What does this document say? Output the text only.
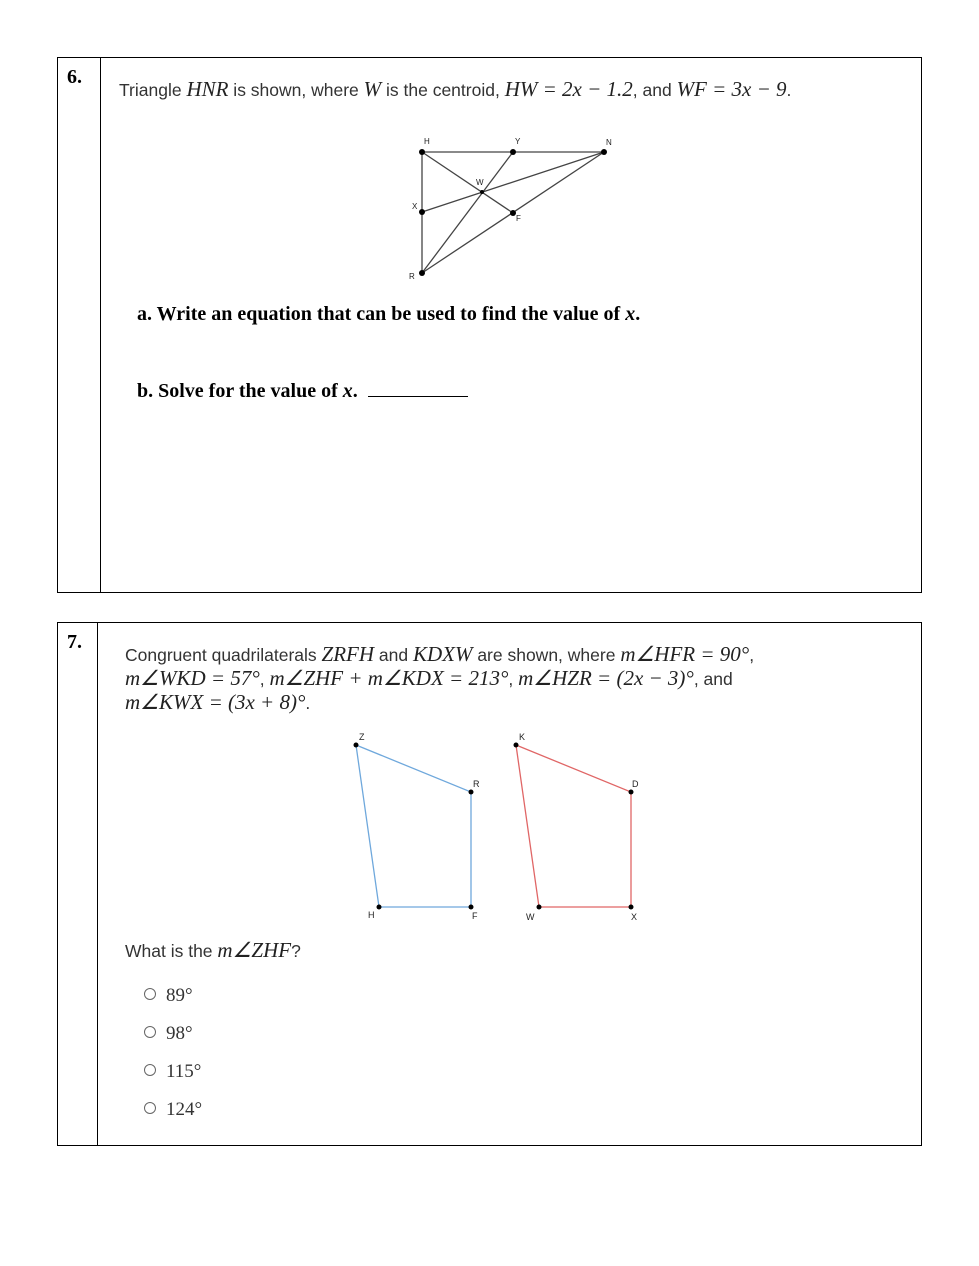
6.
Triangle HNR is shown, where W is the centroid, HW = 2x − 1.2, and WF = 3x − 9.
H	Y	N
W
X
F
R
a. Write an equation that can be used to find the value of x.
b. Solve for the value of x.
7.
Congruent quadrilaterals ZRFH and KDXW are shown, where m∠HFR = 90°,
m∠WKD = 57°, m∠ZHF + m∠KDX = 213°, m∠HZR = (2x − 3)°, and
m∠KWX = (3x + 8)°.
Z
R
F
H
K
D
X
W
What is the m∠ZHF?
89°
98°
115°
124°
